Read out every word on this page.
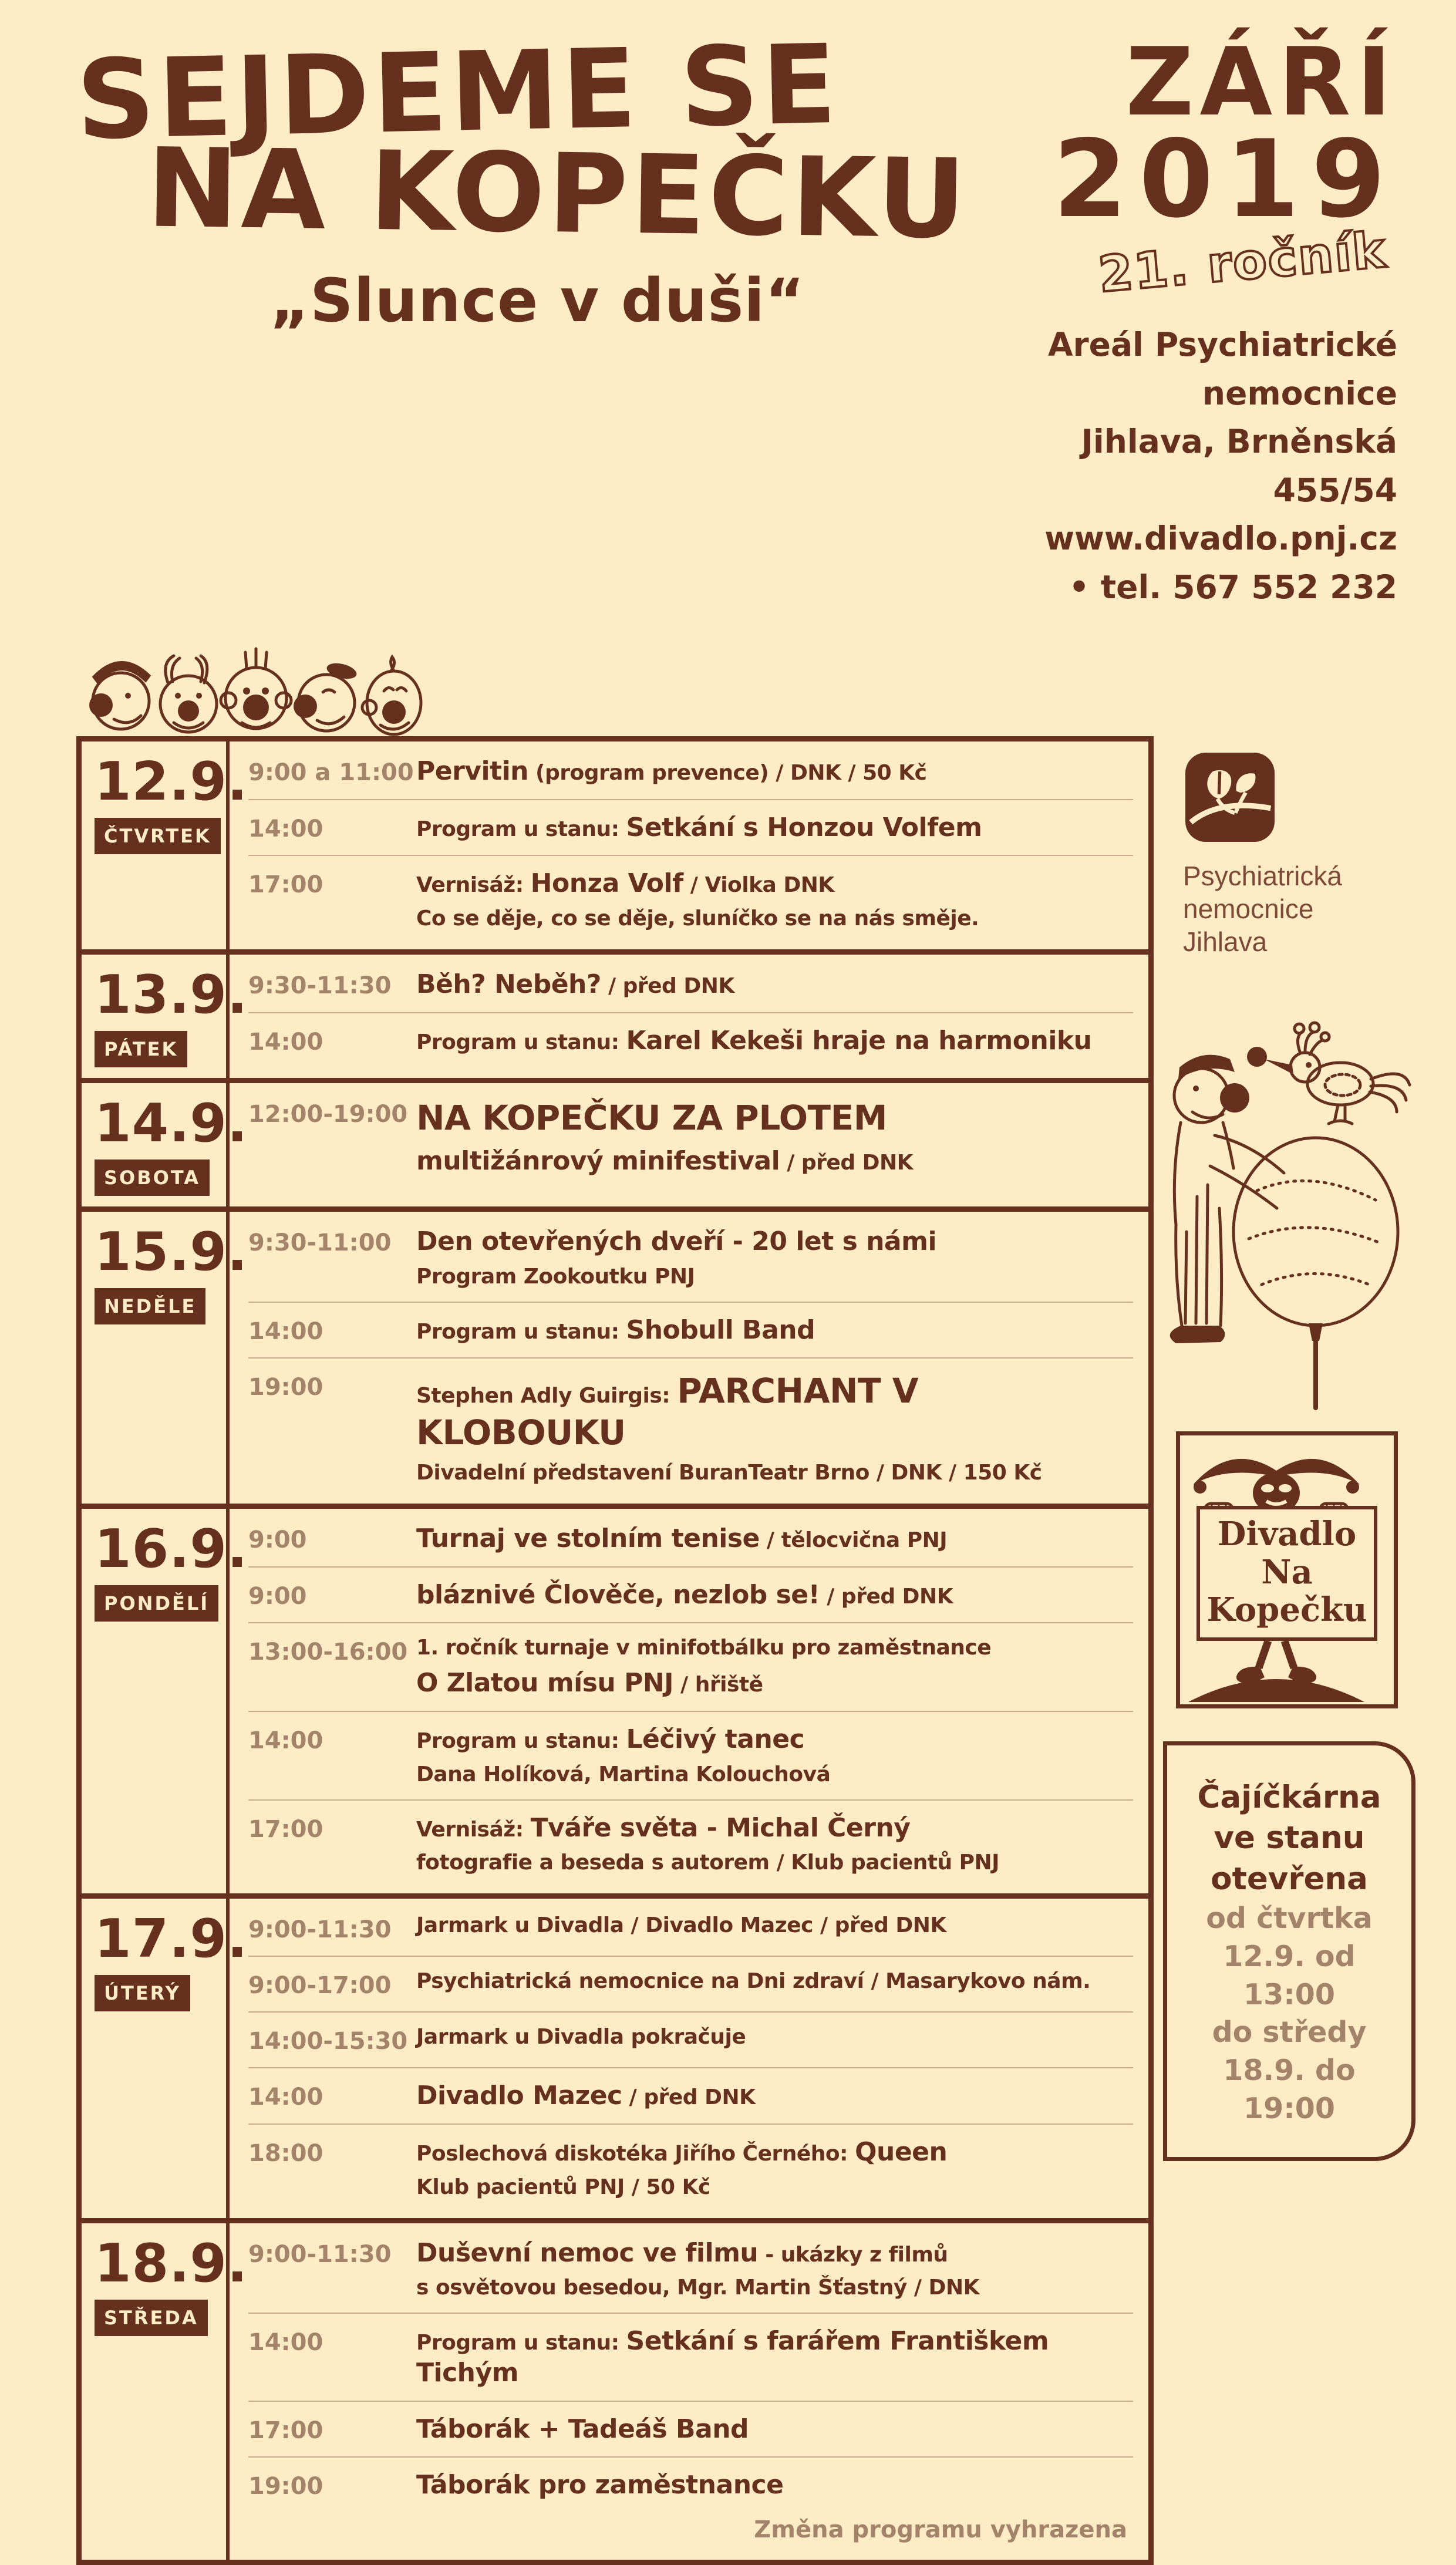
SEJDEME SE
NA KOPEČKU
„Slunce v duši“
ZÁŘÍ
2019
21. ročník
Areál Psychiatrické nemocnice
Jihlava, Brněnská 455/54
www.divadlo.pnj.cz • tel. 567 552 232
12.9.
ČTVRTEK
9:00 a 11:00 Pervitin (program prevence) / DNK / 50 Kč
14:00	Program u stanu: Setkání s Honzou Volfem
17:00	Vernisáž: Honza Volf / Violka DNK
Co se děje, co se děje, sluníčko se na nás směje.
13.9.
PÁTEK
9:30-11:30 Běh? Neběh? / před DNK
14:00	Program u stanu: Karel Kekeši hraje na harmoniku
14.9.
SOBOTA
12:00-19:00 NA KOPEČKU ZA PLOTEM
multižánrový minifestival / před DNK
15.9.
NEDĚLE
9:30-11:00 Den otevřených dveří - 20 let s námi
Program Zookoutku PNJ
14:00	Program u stanu: Shobull Band
19:00	Stephen Adly Guirgis: PARCHANT V KLOBOUKU
Divadelní představení BuranTeatr Brno / DNK / 150 Kč
16.9.
PONDĚLÍ
9:00	Turnaj ve stolním tenise / tělocvična PNJ
9:00	bláznivé Člověče, nezlob se! / před DNK
13:00-16:00 1. ročník turnaje v minifotbálku pro zaměstnance
O Zlatou mísu PNJ / hřiště
14:00	Program u stanu: Léčivý tanec
Dana Holíková, Martina Kolouchová
17:00	Vernisáž: Tváře světa - Michal Černý
fotografie a beseda s autorem / Klub pacientů PNJ
17.9.
ÚTERÝ
9:00-11:30	Jarmark u Divadla / Divadlo Mazec / před DNK
9:00-17:00	Psychiatrická nemocnice na Dni zdraví / Masarykovo nám.
14:00-15:30 Jarmark u Divadla pokračuje
14:00	Divadlo Mazec / před DNK
18:00	Poslechová diskotéka Jiřího Černého: Queen
Klub pacientů PNJ / 50 Kč
18.9.
STŘEDA
9:00-11:30 Duševní nemoc ve filmu - ukázky z filmů
s osvětovou besedou, Mgr. Martin Šťastný / DNK
14:00	Program u stanu: Setkání s farářem Františkem Tichým
17:00	Táborák + Tadeáš Band
19:00	Táborák pro zaměstnance
Změna programu vyhrazena
Psychiatrická
nemocnice
Jihlava
Divadlo
Na
Kopečku
Čajíčkárna
ve stanu
otevřena
od čtvrtka
12.9. od 13:00
do středy
18.9. do 19:00
